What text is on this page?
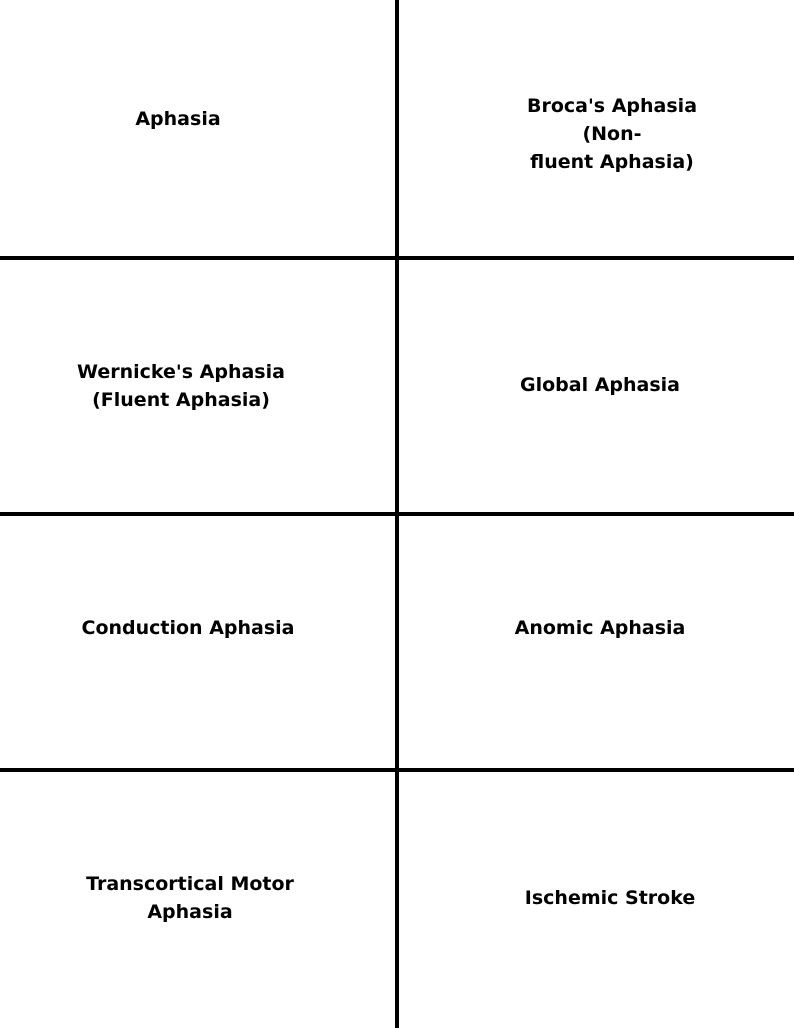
Aphasia
Broca's Aphasia (Non-
fluent Aphasia)
Wernicke's Aphasia
(Fluent Aphasia)
Global Aphasia
Conduction Aphasia	Anomic Aphasia
Transcortical Motor
Aphasia
Ischemic Stroke
